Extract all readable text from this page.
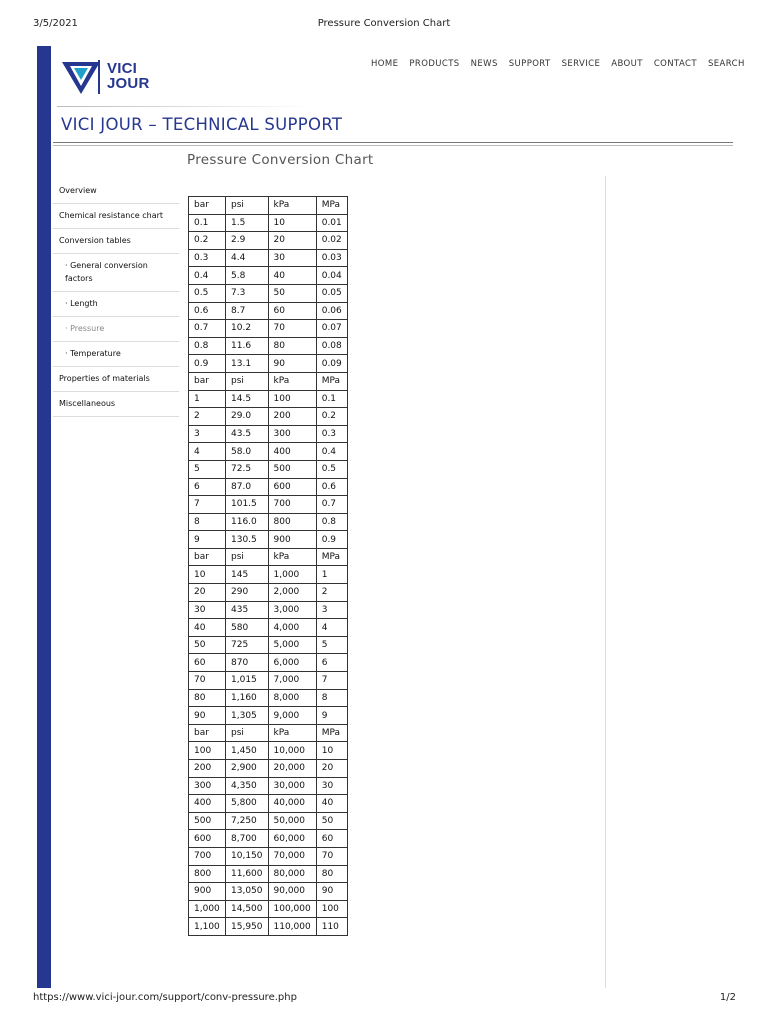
3/5/2021	Pressure Conversion Chart
VICI
JOUR
HOME PRODUCTS NEWS SUPPORT SERVICE ABOUT CONTACT SEARCH
VICI JOUR – TECHNICAL SUPPORT
Pressure Conversion Chart
Overview
Chemical resistance chart
Conversion tables
· General conversion factors
· Length
· Pressure
· Temperature
Properties of materials
Miscellaneous
bar	psi	kPa	MPa
0.1	1.5	10	0.01
0.2	2.9	20	0.02
0.3	4.4	30	0.03
0.4	5.8	40	0.04
0.5	7.3	50	0.05
0.6	8.7	60	0.06
0.7	10.2	70	0.07
0.8	11.6	80	0.08
0.9	13.1	90	0.09
bar	psi	kPa	MPa
1	14.5	100	0.1
2	29.0	200	0.2
3	43.5	300	0.3
4	58.0	400	0.4
5	72.5	500	0.5
6	87.0	600	0.6
7	101.5	700	0.7
8	116.0	800	0.8
9	130.5	900	0.9
bar	psi	kPa	MPa
10	145	1,000	1
20	290	2,000	2
30	435	3,000	3
40	580	4,000	4
50	725	5,000	5
60	870	6,000	6
70	1,015	7,000	7
80	1,160	8,000	8
90	1,305	9,000	9
bar	psi	kPa	MPa
100	1,450	10,000	10
200	2,900	20,000	20
300	4,350	30,000	30
400	5,800	40,000	40
500	7,250	50,000	50
600	8,700	60,000	60
700	10,150	70,000	70
800	11,600	80,000	80
900	13,050	90,000	90
1,000	14,500	100,000	100
1,100	15,950	110,000	110
https://www.vici-jour.com/support/conv-pressure.php	1/2
